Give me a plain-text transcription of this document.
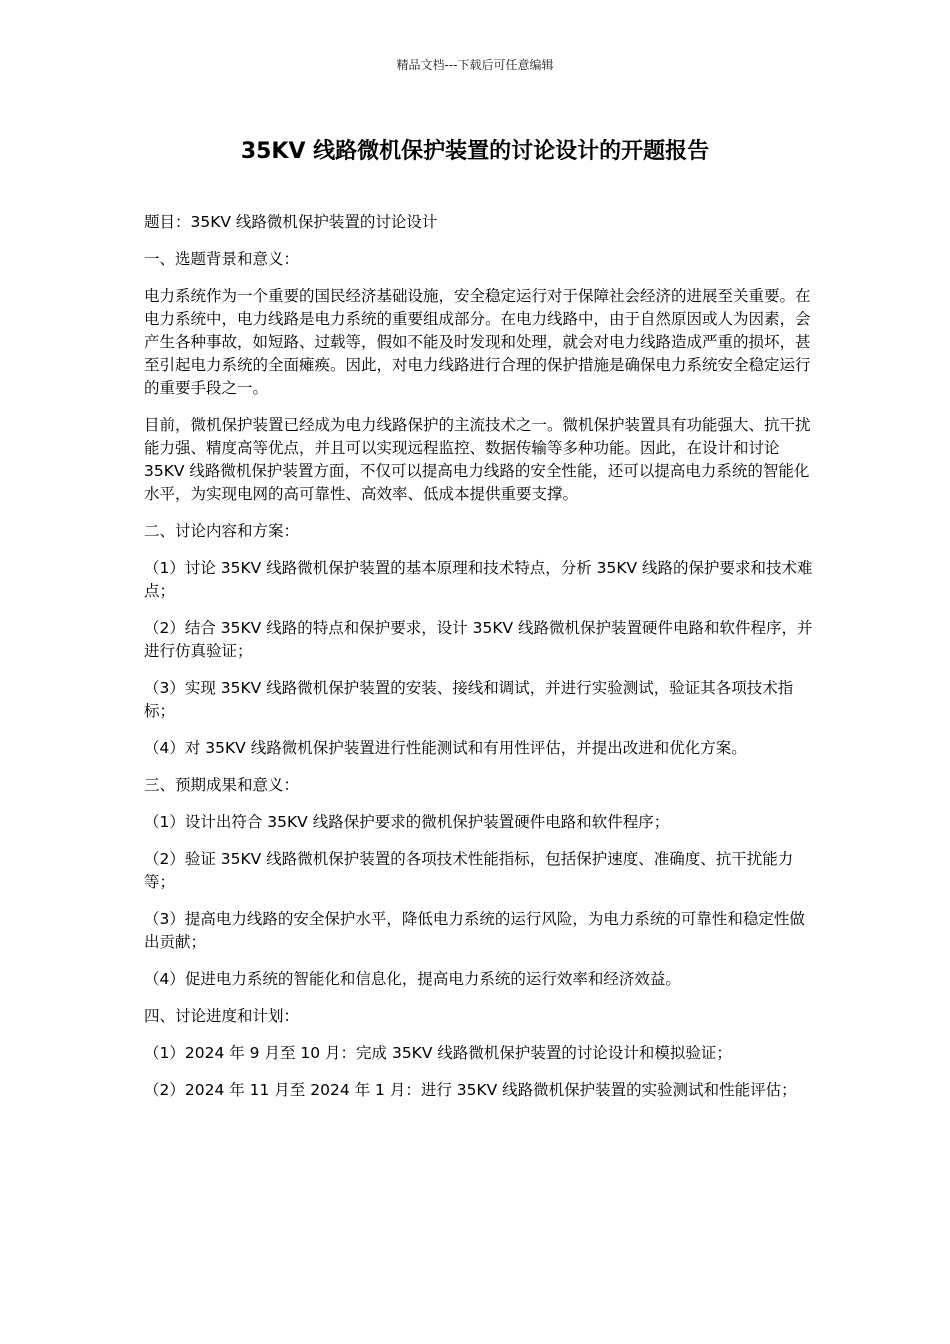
精品文档---下载后可任意编辑
35KV 线路微机保护装置的讨论设计的开题报告

题目：35KV 线路微机保护装置的讨论设计

一、选题背景和意义：

电力系统作为一个重要的国民经济基础设施，安全稳定运行对于保障社会经济的进展至关重要。在电力系统中，电力线路是电力系统的重要组成部分。在电力线路中，由于自然原因或人为因素，会产生各种事故，如短路、过载等，假如不能及时发现和处理，就会对电力线路造成严重的损坏，甚至引起电力系统的全面瘫痪。因此，对电力线路进行合理的保护措施是确保电力系统安全稳定运行的重要手段之一。

目前，微机保护装置已经成为电力线路保护的主流技术之一。微机保护装置具有功能强大、抗干扰能力强、精度高等优点，并且可以实现远程监控、数据传输等多种功能。因此，在设计和讨论 35KV 线路微机保护装置方面，不仅可以提高电力线路的安全性能，还可以提高电力系统的智能化水平，为实现电网的高可靠性、高效率、低成本提供重要支撑。

二、讨论内容和方案：

（1）讨论 35KV 线路微机保护装置的基本原理和技术特点，分析 35KV 线路的保护要求和技术难点；

（2）结合 35KV 线路的特点和保护要求，设计 35KV 线路微机保护装置硬件电路和软件程序，并进行仿真验证；

（3）实现 35KV 线路微机保护装置的安装、接线和调试，并进行实验测试，验证其各项技术指标；

（4）对 35KV 线路微机保护装置进行性能测试和有用性评估，并提出改进和优化方案。

三、预期成果和意义：

（1）设计出符合 35KV 线路保护要求的微机保护装置硬件电路和软件程序；

（2）验证 35KV 线路微机保护装置的各项技术性能指标，包括保护速度、准确度、抗干扰能力等；

（3）提高电力线路的安全保护水平，降低电力系统的运行风险，为电力系统的可靠性和稳定性做出贡献；

（4）促进电力系统的智能化和信息化，提高电力系统的运行效率和经济效益。

四、讨论进度和计划：

（1）2024 年 9 月至 10 月：完成 35KV 线路微机保护装置的讨论设计和模拟验证；

（2）2024 年 11 月至 2024 年 1 月：进行 35KV 线路微机保护装置的实验测试和性能评估；
